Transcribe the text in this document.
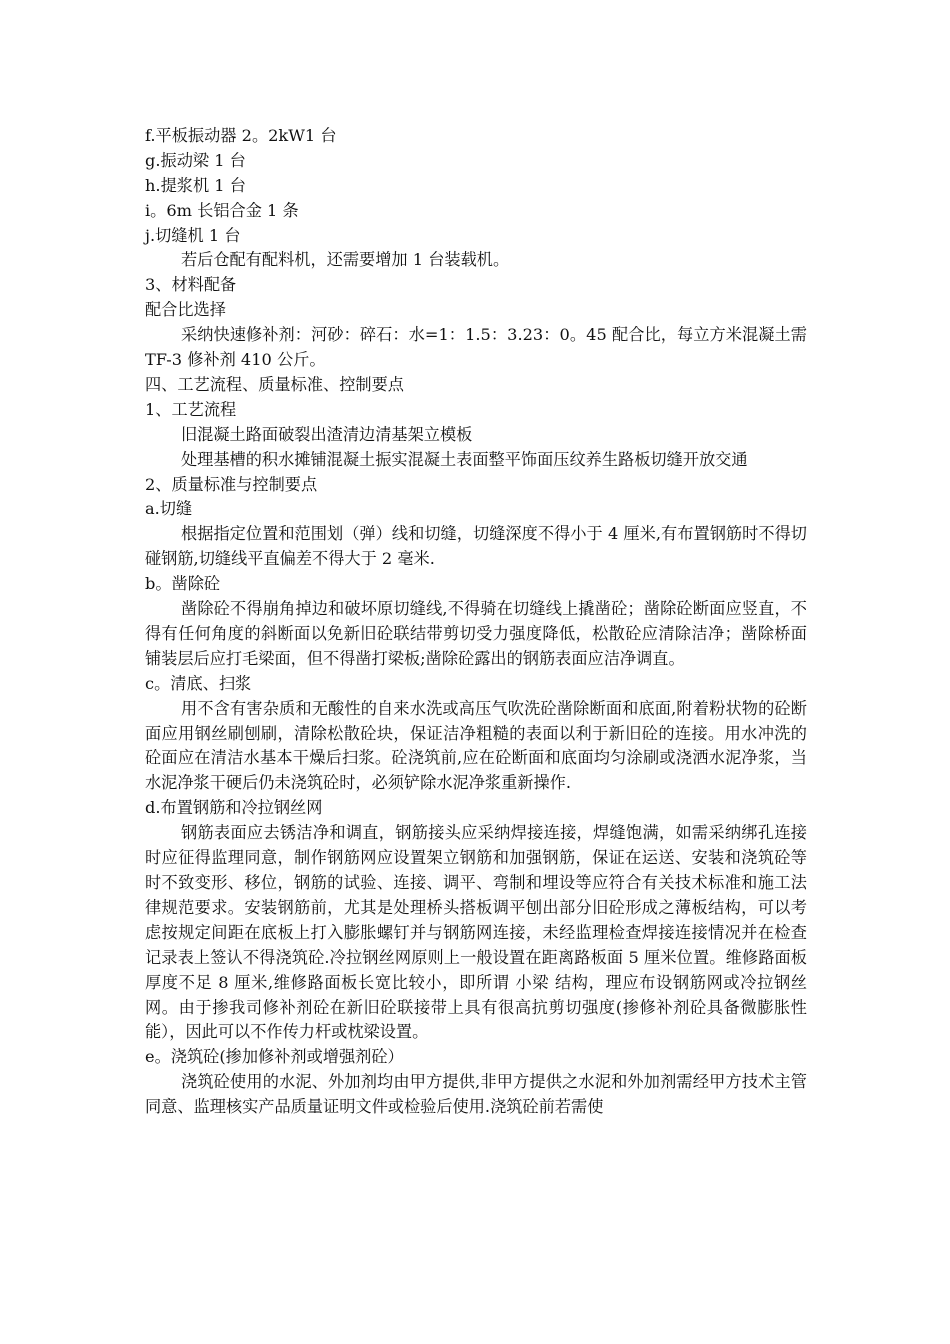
f.平板振动器 2。2kW1 台
g.振动梁 1 台
h.提浆机 1 台
i。6m 长铝合金 1 条
j.切缝机 1 台
若后仓配有配料机，还需要增加 1 台装载机。
3、材料配备
配合比选择
采纳快速修补剂：河砂：碎石：水=1：1.5：3.23：0。45 配合比，每立方米混凝土需 TF-3 修补剂 410 公斤。
四、工艺流程、质量标准、控制要点
1、工艺流程
旧混凝土路面破裂出渣清边清基架立模板
处理基槽的积水摊铺混凝土振实混凝土表面整平饰面压纹养生路板切缝开放交通
2、质量标准与控制要点
a.切缝
根据指定位置和范围划（弹）线和切缝，切缝深度不得小于 4 厘米,有布置钢筋时不得切碰钢筋,切缝线平直偏差不得大于 2 毫米.
b。凿除砼
凿除砼不得崩角掉边和破坏原切缝线,不得骑在切缝线上撬凿砼；凿除砼断面应竖直，不得有任何角度的斜断面以免新旧砼联结带剪切受力强度降低，松散砼应清除洁净；凿除桥面铺装层后应打毛梁面，但不得凿打梁板;凿除砼露出的钢筋表面应洁净调直。
c。清底、扫浆
用不含有害杂质和无酸性的自来水洗或高压气吹洗砼凿除断面和底面,附着粉状物的砼断面应用钢丝刷刨刷，清除松散砼块，保证洁净粗糙的表面以利于新旧砼的连接。用水冲洗的砼面应在清洁水基本干燥后扫浆。砼浇筑前,应在砼断面和底面均匀涂刷或浇洒水泥净浆，当水泥净浆干硬后仍未浇筑砼时，必须铲除水泥净浆重新操作.
d.布置钢筋和冷拉钢丝网
钢筋表面应去锈洁净和调直，钢筋接头应采纳焊接连接，焊缝饱满，如需采纳绑孔连接时应征得监理同意，制作钢筋网应设置架立钢筋和加强钢筋，保证在运送、安装和浇筑砼等时不致变形、移位，钢筋的试验、连接、调平、弯制和埋设等应符合有关技术标准和施工法律规范要求。安装钢筋前，尤其是处理桥头搭板调平刨出部分旧砼形成之薄板结构，可以考虑按规定间距在底板上打入膨胀螺钉并与钢筋网连接，未经监理检查焊接连接情况并在检查记录表上签认不得浇筑砼.冷拉钢丝网原则上一般设置在距离路板面 5 厘米位置。维修路面板厚度不足 8 厘米,维修路面板长宽比较小，即所谓 小梁 结构，理应布设钢筋网或冷拉钢丝网。由于掺我司修补剂砼在新旧砼联接带上具有很高抗剪切强度(掺修补剂砼具备微膨胀性能），因此可以不作传力杆或枕梁设置。
e。浇筑砼(掺加修补剂或增强剂砼）
浇筑砼使用的水泥、外加剂均由甲方提供,非甲方提供之水泥和外加剂需经甲方技术主管同意、监理核实产品质量证明文件或检验后使用.浇筑砼前若需使
